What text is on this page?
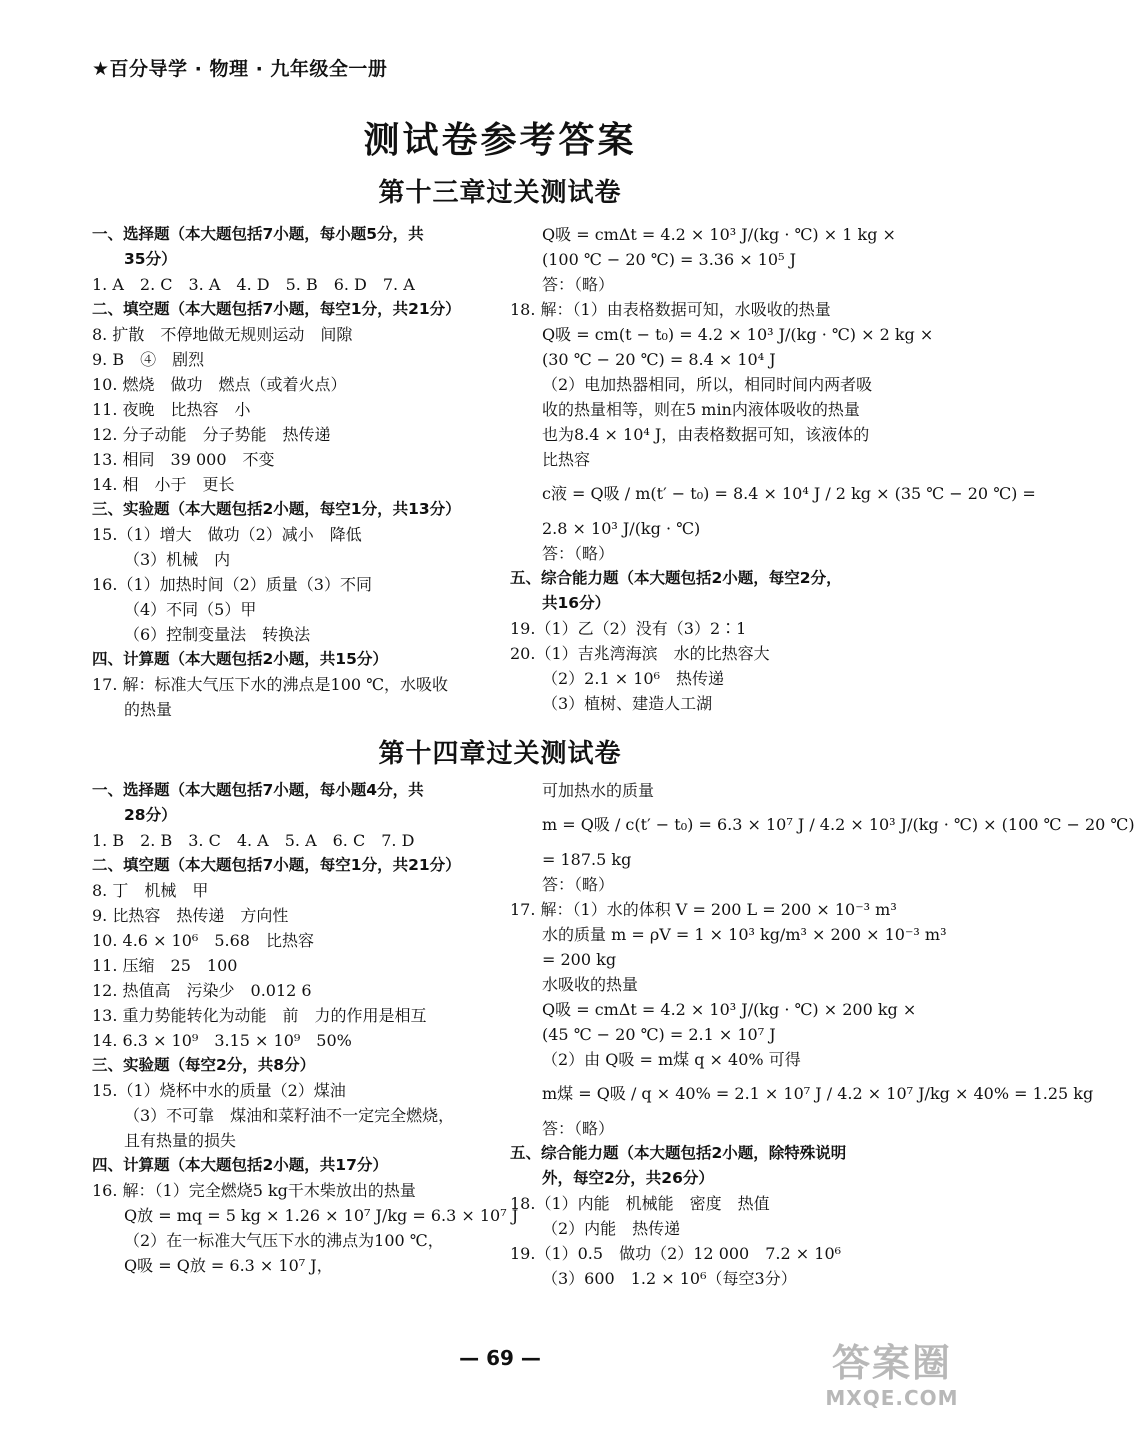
★百分导学 · 物理 · 九年级全一册
测试卷参考答案
第十三章过关测试卷
一、选择题（本大题包括7小题，每小题5分，共
35分）
1. A　2. C　3. A　4. D　5. B　6. D　7. A
二、填空题（本大题包括7小题，每空1分，共21分）
8. 扩散　不停地做无规则运动　间隙
9. B　④　剧烈
10. 燃烧　做功　燃点（或着火点）
11. 夜晚　比热容　小
12. 分子动能　分子势能　热传递
13. 相同　39 000　不变
14. 相　小于　更长
三、实验题（本大题包括2小题，每空1分，共13分）
15.（1）增大　做功（2）减小　降低
（3）机械　内
16.（1）加热时间（2）质量（3）不同
（4）不同（5）甲
（6）控制变量法　转换法
四、计算题（本大题包括2小题，共15分）
17. 解：标准大气压下水的沸点是100 ℃，水吸收
的热量
Q吸 = cmΔt = 4.2 × 10³ J/(kg · ℃) × 1 kg ×
(100 ℃ − 20 ℃) = 3.36 × 10⁵ J
答：（略）
18. 解：（1）由表格数据可知，水吸收的热量
Q吸 = cm(t − t₀) = 4.2 × 10³ J/(kg · ℃) × 2 kg ×
(30 ℃ − 20 ℃) = 8.4 × 10⁴ J
（2）电加热器相同，所以，相同时间内两者吸
收的热量相等，则在5 min内液体吸收的热量
也为8.4 × 10⁴ J，由表格数据可知，该液体的
比热容
c液 = Q吸 / m(t′ − t₀) = 8.4 × 10⁴ J / 2 kg × (35 ℃ − 20 ℃) =
2.8 × 10³ J/(kg · ℃)
答：（略）
五、综合能力题（本大题包括2小题，每空2分，
共16分）
19.（1）乙（2）没有（3）2∶1
20.（1）吉兆湾海滨　水的比热容大
（2）2.1 × 10⁶　热传递
（3）植树、建造人工湖
第十四章过关测试卷
一、选择题（本大题包括7小题，每小题4分，共
28分）
1. B　2. B　3. C　4. A　5. A　6. C　7. D
二、填空题（本大题包括7小题，每空1分，共21分）
8. 丁　机械　甲
9. 比热容　热传递　方向性
10. 4.6 × 10⁶　5.68　比热容
11. 压缩　25　100
12. 热值高　污染少　0.012 6
13. 重力势能转化为动能　前　力的作用是相互
14. 6.3 × 10⁹　3.15 × 10⁹　50%
三、实验题（每空2分，共8分）
15.（1）烧杯中水的质量（2）煤油
（3）不可靠　煤油和菜籽油不一定完全燃烧，
且有热量的损失
四、计算题（本大题包括2小题，共17分）
16. 解：（1）完全燃烧5 kg干木柴放出的热量
Q放 = mq = 5 kg × 1.26 × 10⁷ J/kg = 6.3 × 10⁷ J
（2）在一标准大气压下水的沸点为100 ℃，
Q吸 = Q放 = 6.3 × 10⁷ J，
可加热水的质量
m = Q吸 / c(t′ − t₀) = 6.3 × 10⁷ J / 4.2 × 10³ J/(kg · ℃) × (100 ℃ − 20 ℃)
= 187.5 kg
答：（略）
17. 解：（1）水的体积 V = 200 L = 200 × 10⁻³ m³
水的质量 m = ρV = 1 × 10³ kg/m³ × 200 × 10⁻³ m³
= 200 kg
水吸收的热量
Q吸 = cmΔt = 4.2 × 10³ J/(kg · ℃) × 200 kg ×
(45 ℃ − 20 ℃) = 2.1 × 10⁷ J
（2）由 Q吸 = m煤 q × 40% 可得
m煤 = Q吸 / q × 40% = 2.1 × 10⁷ J / 4.2 × 10⁷ J/kg × 40% = 1.25 kg
答：（略）
五、综合能力题（本大题包括2小题，除特殊说明
外，每空2分，共26分）
18.（1）内能　机械能　密度　热值
（2）内能　热传递
19.（1）0.5　做功（2）12 000　7.2 × 10⁶
（3）600　1.2 × 10⁶（每空3分）
— 69 —	答案圈
MXQE.COM
